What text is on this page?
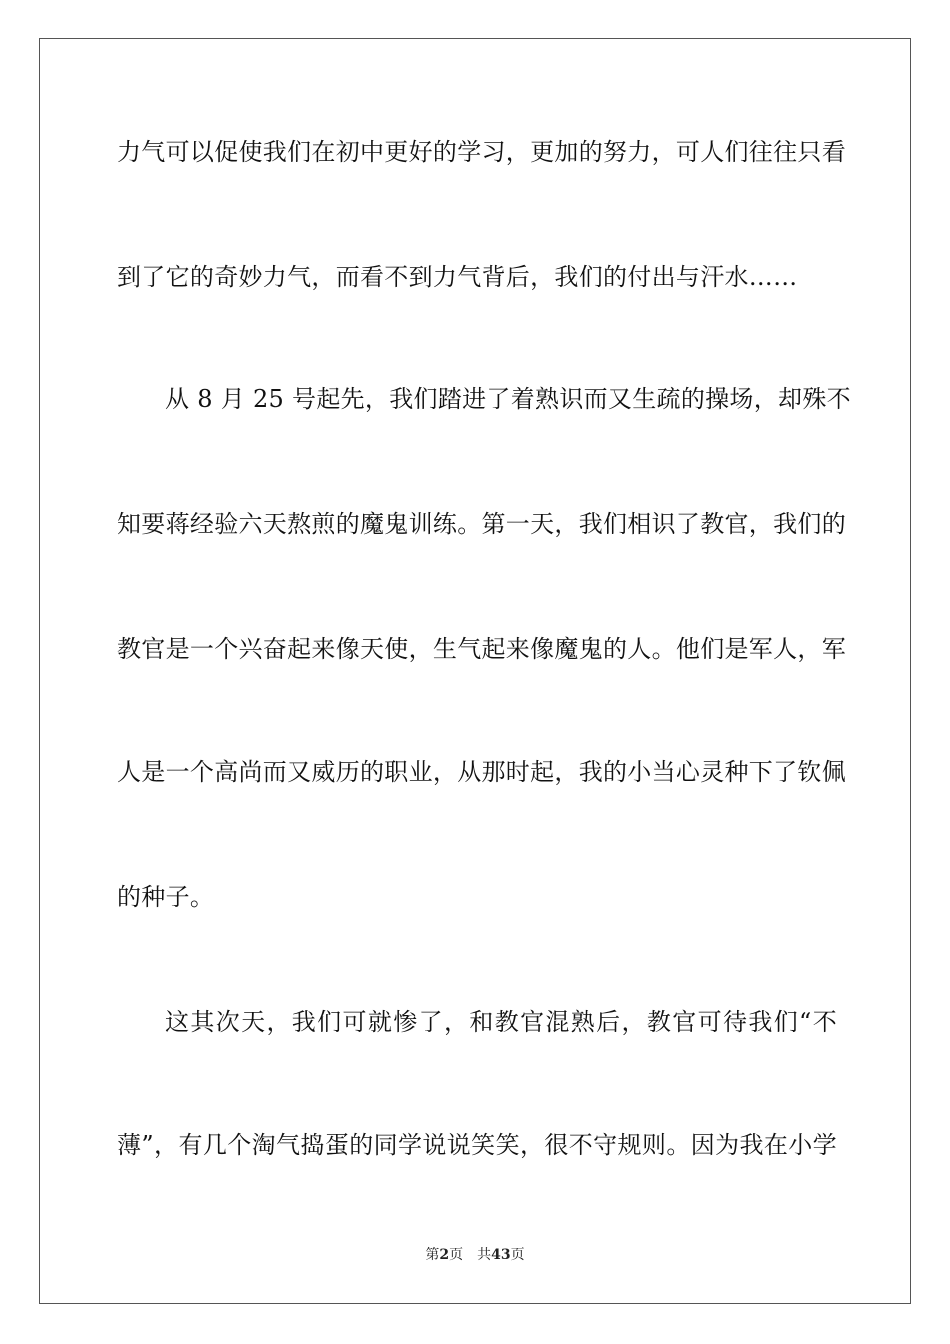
力气可以促使我们在初中更好的学习，更加的努力，可人们往往只看
到了它的奇妙力气，而看不到力气背后，我们的付出与汗水……
从 8 月 25 号起先，我们踏进了着熟识而又生疏的操场，却殊不
知要蒋经验六天熬煎的魔鬼训练。第一天，我们相识了教官，我们的
教官是一个兴奋起来像天使，生气起来像魔鬼的人。他们是军人，军
人是一个高尚而又威历的职业，从那时起，我的小当心灵种下了钦佩
的种子。
这其次天，我们可就惨了，和教官混熟后，教官可待我们“不
薄”，有几个淘气捣蛋的同学说说笑笑，很不守规则。因为我在小学
第2页 共43页
